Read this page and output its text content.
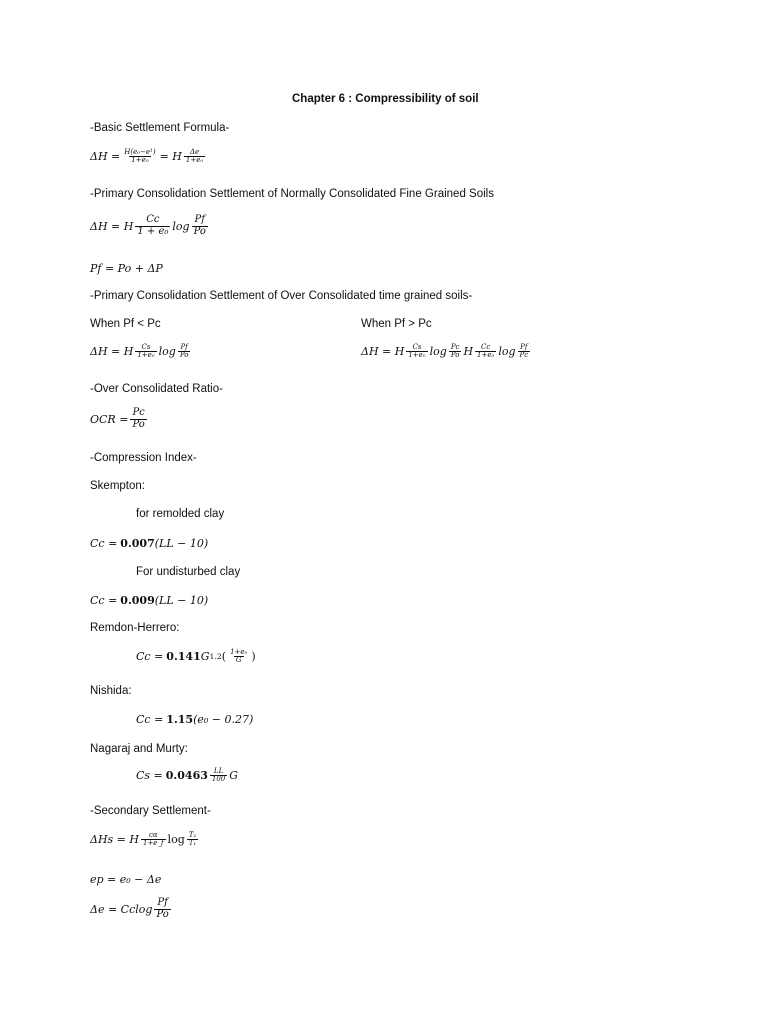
Chapter 6 : Compressibility of soil
-Basic Settlement Formula-
$\Delta H = \frac{\text{H(e₀−e¹)}}{\text{1+e₀}} = H \frac{\Delta e}{\text{1+e₀}}$
-Primary Consolidation Settlement of Normally Consolidated Fine Grained Soils
ΔH = H $\frac{Cc}{\text{1 + e₀}}$ $\log \frac{Pf}{Po}$
Pf = Po + ΔP
-Primary Consolidation Settlement of Over Consolidated time grained soils-
When Pf < Pc	When Pf > Pc
ΔH = H $\frac{Cs}{\text{1+e₀}}$ $\log \frac{Pf}{Po}$	ΔH = H $\frac{Cs}{\text{1+e₀}}$ $\log \frac{Pc}{Po}$ H $\frac{Cc}{\text{1+e₀}}$ $\log \frac{Pf}{Pc}$
-Over Consolidated Ratio-
OCR = $\frac{Pc}{Po}$
-Compression Index-
Skempton:
for remolded clay
Cc = 0.007 (LL − 10)
For undisturbed clay
Cc = 0.009 (LL − 10)
Remdon-Herrero:
Cc = 0.141 G 1.2 ( $\frac{\text{1+e₀}}{G}$ )
Nishida:
Cc = 1.15 (e₀ − 0.27)
Nagaraj and Murty:
$Cs = 0.0463 \frac{LL}{100}$ G
-Secondary Settlement-
ΔHs = H $\frac{c\alpha}{1+e\_f}$ $\log \frac{\text{T₂}}{\text{T₁}}$
ep = e₀ − Δe
Δe = Cclog $\frac{Pf}{Po}$
